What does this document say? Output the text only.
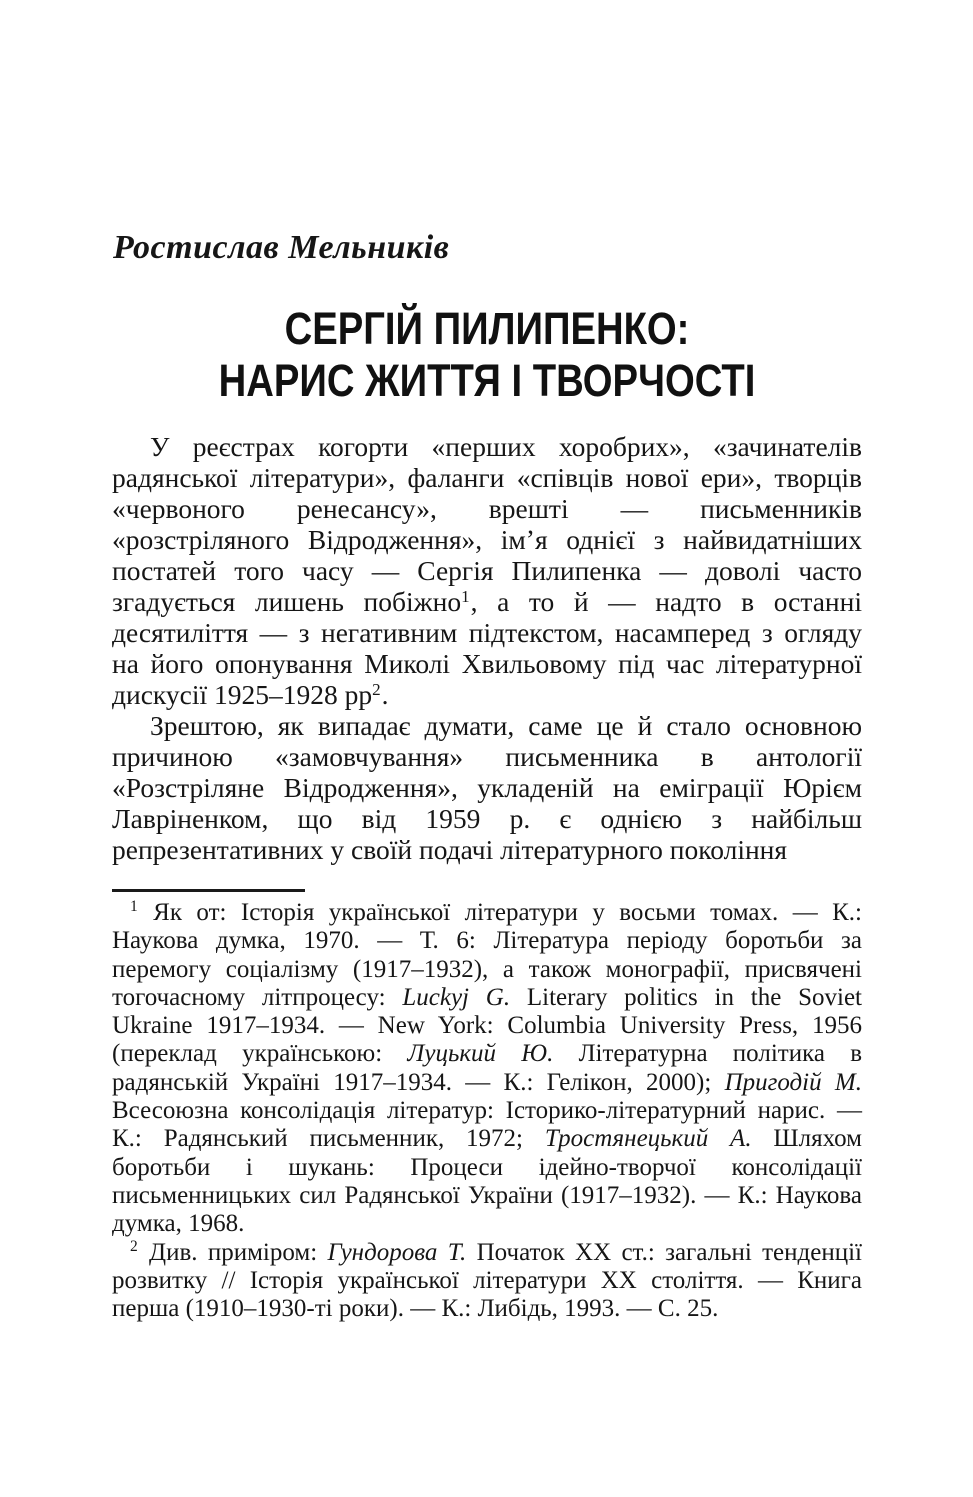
Ростислав Мельників
СЕРГІЙ ПИЛИПЕНКО:
НАРИС ЖИТТЯ І ТВОРЧОСТІ

У реєстрах когорти «перших хоробрих», «зачинателів радянської літератури», фаланги «співців нової ери», творців «червоного ренесансу», врешті — письменників «розстріляного Відродження», імʼя однієї з найвидатніших постатей того часу — Сергія Пилипенка — доволі часто згадується лишень побіжно$^1$, а то й — надто в останні десятиліття — з негативним підтекстом, насамперед з огляду на його опонування Миколі Хвильовому під час літературної дискусії 1925–1928 $рр^2$.

Зрештою, як випадає думати, саме це й стало основною причиною «замовчування» письменника в антології «Розстріляне Відродження», укладеній на еміграції Юрієм Лавріненком, що від 1959 р. є однією з найбільш репрезентативних у своїй подачі літературного покоління

$^1$ Як от: Історія української літератури у восьми томах. — К.: Наукова думка, 1970. — Т. 6: Література періоду боротьби за перемогу соціалізму (1917–1932), а також монографії, присвячені тогочасному літпроцесу: Luckyj G. Literary politics in the Soviet Ukraine 1917–1934. — New York: Columbia University Press, 1956 (переклад українською: Луцький Ю. Літературна політика в радянській Україні 1917–1934. — К.: Гелікон, 2000); Пригодій М. Всесоюзна консолідація літератур: Історико-літературний нарис. — К.: Радянський письменник, 1972; Тростянецький А. Шляхом боротьби і шукань: Процеси ідейно-творчої консолідації письменницьких сил Радянської України (1917–1932). — К.: Наукова думка, 1968.

$^2$ Див. приміром: Гундорова Т. Початок ХХ ст.: загальні тенденції розвитку // Історія української літератури ХХ століття. — Книга перша (1910–1930-ті роки). — К.: Либідь, 1993. — С. 25.
